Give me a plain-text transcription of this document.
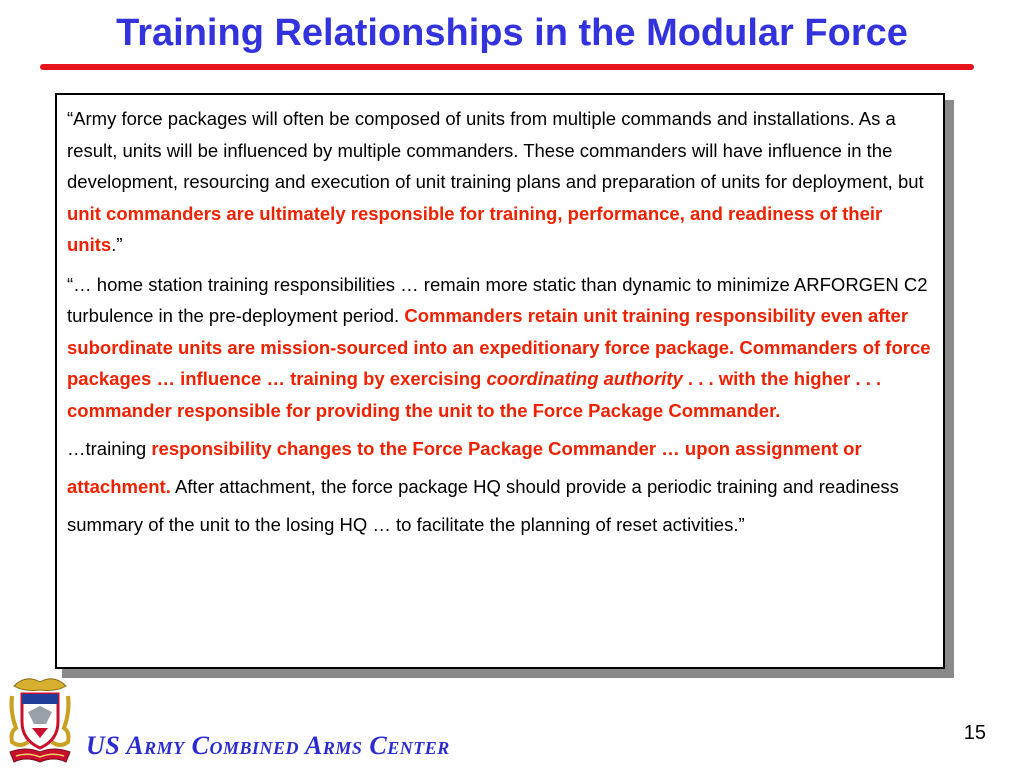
Training Relationships in the Modular Force

“Army force packages will often be composed of units from multiple commands and installations. As a result, units will be influenced by multiple commanders. These commanders will have influence in the development, resourcing and execution of unit training plans and preparation of units for deployment, but unit commanders are ultimately responsible for training, performance, and readiness of their units.”

“… home station training responsibilities … remain more static than dynamic to minimize ARFORGEN C2 turbulence in the pre-deployment period. Commanders retain unit training responsibility even after subordinate units are mission-sourced into an expeditionary force package. Commanders of force packages … influence … training by exercising coordinating authority . . . with the higher . . . commander responsible for providing the unit to the Force Package Commander.

…training responsibility changes to the Force Package Commander … upon assignment or attachment. After attachment, the force package HQ should provide a periodic training and readiness summary of the unit to the losing HQ … to facilitate the planning of reset activities.”

US Army Combined Arms Center	15
